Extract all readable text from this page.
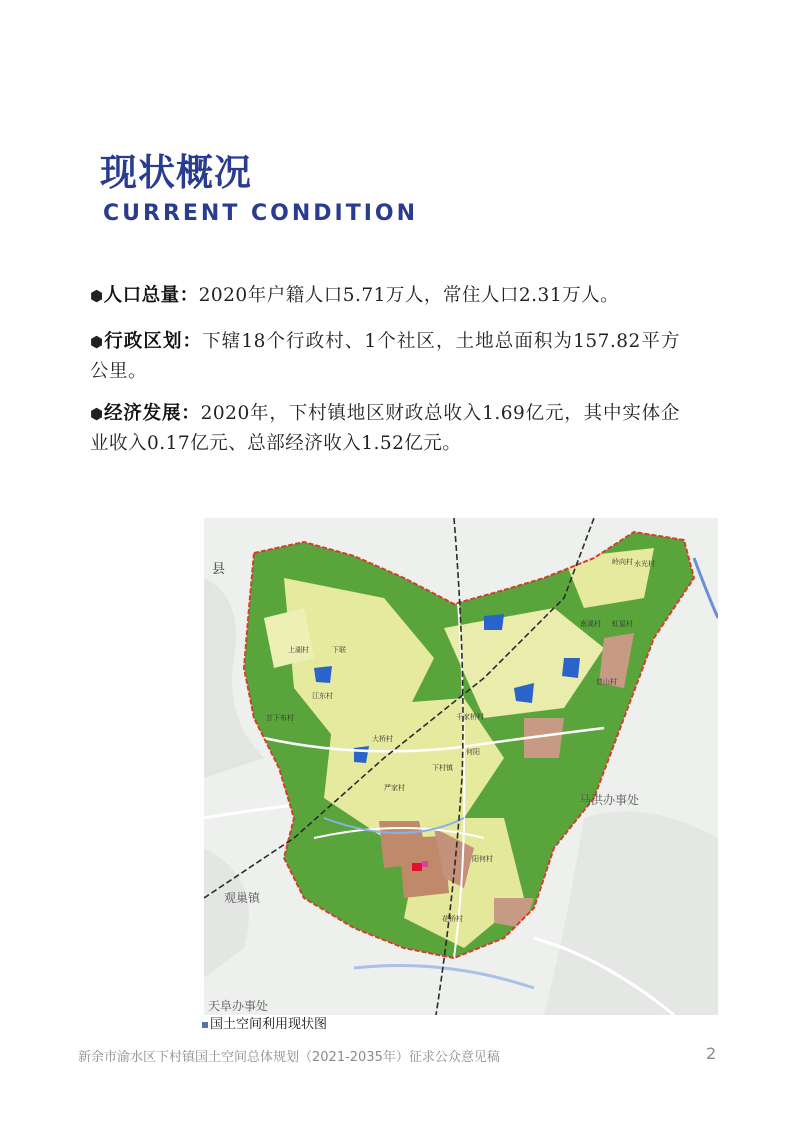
现状概况
CURRENT CONDITION
⬢人口总量：2020年户籍人口5.71万人，常住人口2.31万人。
⬢行政区划：下辖18个行政村、1个社区，土地总面积为157.82平方公里。
⬢经济发展：2020年，下村镇地区财政总收入1.69亿元，其中实体企业收入0.17亿元、总部经济收入1.52亿元。
县
马洪办事处
观巢镇
天阜办事处
上湖村	下联
江东村
甘下布村
大桥村
千家桥村
下村镇
严家村
阳何村
花桥村
南溪村 虹星村
岭向村 水光村
何阳
普山村
国土空间利用现状图
新余市渝水区下村镇国土空间总体规划（2021-2035年）征求公众意见稿	2
